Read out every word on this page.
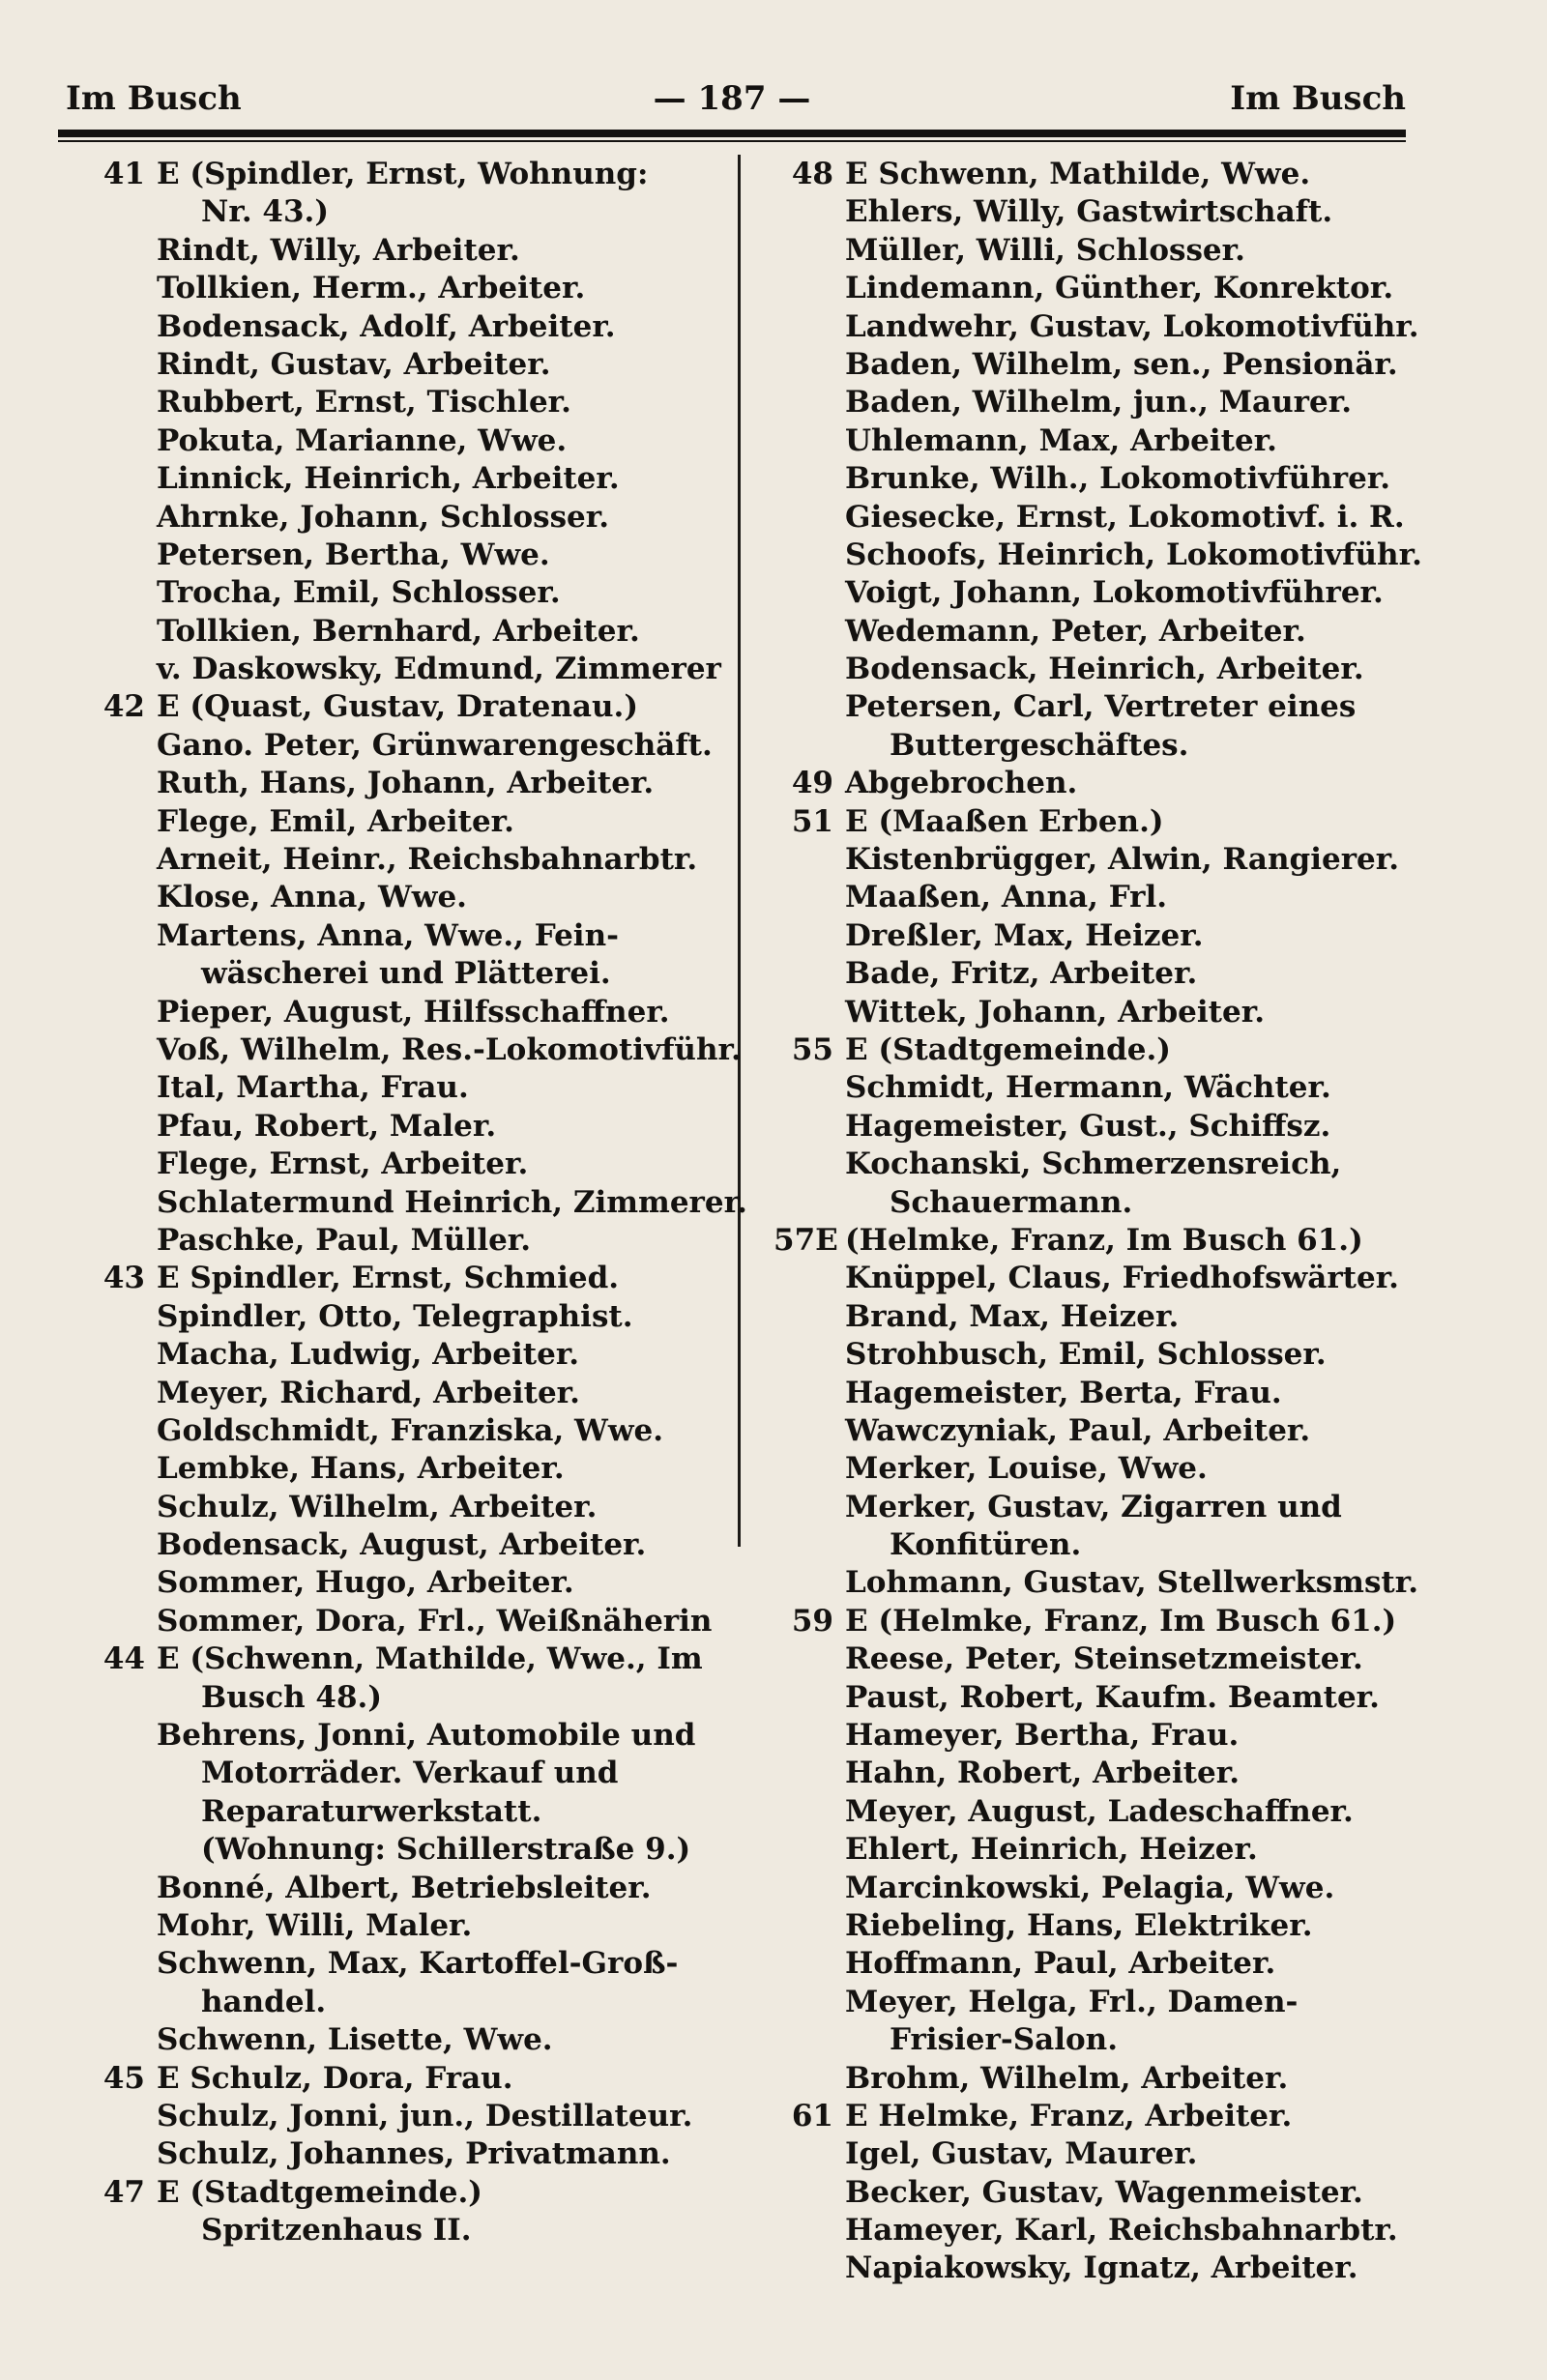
Im Busch	— 187 —	Im Busch
41 E (Spindler, Ernst, Wohnung:
Nr. 43.)
Rindt, Willy, Arbeiter.
Tollkien, Herm., Arbeiter.
Bodensack, Adolf, Arbeiter.
Rindt, Gustav, Arbeiter.
Rubbert, Ernst, Tischler.
Pokuta, Marianne, Wwe.
Linnick, Heinrich, Arbeiter.
Ahrnke, Johann, Schlosser.
Petersen, Bertha, Wwe.
Trocha, Emil, Schlosser.
Tollkien, Bernhard, Arbeiter.
v. Daskowsky, Edmund, Zimmerer
42 E (Quast, Gustav, Dratenau.)
Gano. Peter, Grünwarengeschäft.
Ruth, Hans, Johann, Arbeiter.
Flege, Emil, Arbeiter.
Arneit, Heinr., Reichsbahnarbtr.
Klose, Anna, Wwe.
Martens, Anna, Wwe., Fein-
wäscherei und Plätterei.
Pieper, August, Hilfsschaffner.
Voß, Wilhelm, Res.-Lokomotivführ.
Ital, Martha, Frau.
Pfau, Robert, Maler.
Flege, Ernst, Arbeiter.
Schlatermund Heinrich, Zimmerer.
Paschke, Paul, Müller.
43 E Spindler, Ernst, Schmied.
Spindler, Otto, Telegraphist.
Macha, Ludwig, Arbeiter.
Meyer, Richard, Arbeiter.
Goldschmidt, Franziska, Wwe.
Lembke, Hans, Arbeiter.
Schulz, Wilhelm, Arbeiter.
Bodensack, August, Arbeiter.
Sommer, Hugo, Arbeiter.
Sommer, Dora, Frl., Weißnäherin
44 E (Schwenn, Mathilde, Wwe., Im
Busch 48.)
Behrens, Jonni, Automobile und
Motorräder. Verkauf und
Reparaturwerkstatt.
(Wohnung: Schillerstraße 9.)
Bonné, Albert, Betriebsleiter.
Mohr, Willi, Maler.
Schwenn, Max, Kartoffel-Groß-
handel.
Schwenn, Lisette, Wwe.
45 E Schulz, Dora, Frau.
Schulz, Jonni, jun., Destillateur.
Schulz, Johannes, Privatmann.
47 E (Stadtgemeinde.)
Spritzenhaus II.
48 E Schwenn, Mathilde, Wwe.
Ehlers, Willy, Gastwirtschaft.
Müller, Willi, Schlosser.
Lindemann, Günther, Konrektor.
Landwehr, Gustav, Lokomotivführ.
Baden, Wilhelm, sen., Pensionär.
Baden, Wilhelm, jun., Maurer.
Uhlemann, Max, Arbeiter.
Brunke, Wilh., Lokomotivführer.
Giesecke, Ernst, Lokomotivf. i. R.
Schoofs, Heinrich, Lokomotivführ.
Voigt, Johann, Lokomotivführer.
Wedemann, Peter, Arbeiter.
Bodensack, Heinrich, Arbeiter.
Petersen, Carl, Vertreter eines
Buttergeschäftes.
49 Abgebrochen.
51 E (Maaßen Erben.)
Kistenbrügger, Alwin, Rangierer.
Maaßen, Anna, Frl.
Dreßler, Max, Heizer.
Bade, Fritz, Arbeiter.
Wittek, Johann, Arbeiter.
55 E (Stadtgemeinde.)
Schmidt, Hermann, Wächter.
Hagemeister, Gust., Schiffsz.
Kochanski, Schmerzensreich,
Schauermann.
57E (Helmke, Franz, Im Busch 61.)
Knüppel, Claus, Friedhofswärter.
Brand, Max, Heizer.
Strohbusch, Emil, Schlosser.
Hagemeister, Berta, Frau.
Wawczyniak, Paul, Arbeiter.
Merker, Louise, Wwe.
Merker, Gustav, Zigarren und
Konfitüren.
Lohmann, Gustav, Stellwerksmstr.
59 E (Helmke, Franz, Im Busch 61.)
Reese, Peter, Steinsetzmeister.
Paust, Robert, Kaufm. Beamter.
Hameyer, Bertha, Frau.
Hahn, Robert, Arbeiter.
Meyer, August, Ladeschaffner.
Ehlert, Heinrich, Heizer.
Marcinkowski, Pelagia, Wwe.
Riebeling, Hans, Elektriker.
Hoffmann, Paul, Arbeiter.
Meyer, Helga, Frl., Damen-
Frisier-Salon.
Brohm, Wilhelm, Arbeiter.
61 E Helmke, Franz, Arbeiter.
Igel, Gustav, Maurer.
Becker, Gustav, Wagenmeister.
Hameyer, Karl, Reichsbahnarbtr.
Napiakowsky, Ignatz, Arbeiter.
